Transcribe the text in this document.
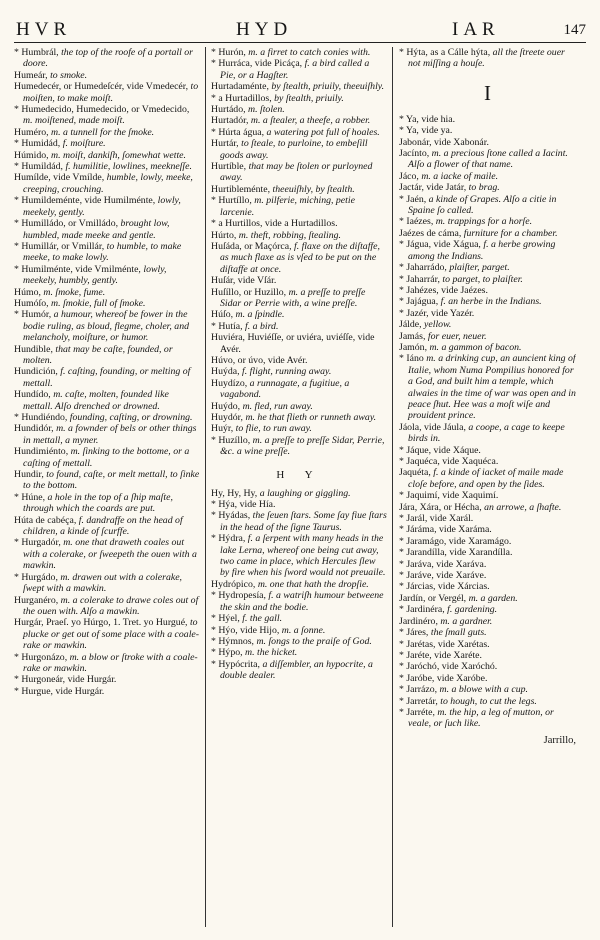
HVR	HYD	IAR	147
* Humbrál, the top of the roofe of a portall or doore.
Humeár, to smoke.
Humedecér, or Humedeſcér, vide Vmedecér, to moiſten, to make moiſt.
* Humedecido, Humedecido, or Vmedecido, m. moiſtened, made moiſt.
Huméro, m. a tunnell for the ſmoke.
* Humidád, f. moiſture.
Húmido, m. moiſt, dankiſh, ſomewhat wette.
* Humildád, f. humilitie, lowlines, meekneſſe.
Humílde, vide Vmílde, humble, lowly, meeke, creeping, crouching.
* Humildeménte, vide Humilménte, lowly, meekely, gently.
* Humilládo, or Vmilládo, brought low, humbled, made meeke and gentle.
* Humillár, or Vmillár, to humble, to make meeke, to make lowly.
* Humilménte, vide Vmilménte, lowly, meekely, humbly, gently.
Húmo, m. ſmoke, fume.
Humóſo, m. ſmokie, full of ſmoke.
* Humór, a humour, whereof be fower in the bodie ruling, as bloud, flegme, choler, and melancholy, moiſture, or humor.
Hundible, that may be caſte, founded, or molten.
Hundición, f. caſting, founding, or melting of mettall.
Hundído, m. caſte, molten, founded like mettall. Alſo drenched or drowned.
* Hundiéndo, founding, caſting, or drowning.
Hundidór, m. a fownder of bels or other things in mettall, a myner.
Hundimiénto, m. ſinking to the bottome, or a caſting of mettall.
Hundir, to found, caſte, or melt mettall, to ſinke to the bottom.
* Húne, a hole in the top of a ſhip maſte, through which the coards are put.
Húta de cabéça, f. dandraffe on the head of children, a kinde of ſcurffe.
* Hurgadór, m. one that draweth coales out with a colerake, or ſweepeth the ouen with a mawkin.
* Hurgádo, m. drawen out with a colerake, ſwept with a mawkin.
Hurganéro, m. a colerake to drawe coles out of the ouen with. Alſo a mawkin.
Hurgár, Praeſ. yo Húrgo, 1. Tret. yo Hurgué, to plucke or get out of some place with a coale-rake or mawkin.
* Hurgonázo, m. a blow or ſtroke with a coale-rake or mawkin.
* Hurgoneár, vide Hurgár.
* Hurgue, vide Hurgár.
* Hurón, m. a firret to catch conies with.
* Hurráca, vide Picáça, f. a bird called a Pie, or a Hagſter.
Hurtadaménte, by ſtealth, priuily, theeuiſhly.
* a Hurtadillos, by ſtealth, priuily.
Hurtádo, m. ſtolen.
Hurtadór, m. a ſtealer, a theefe, a robber.
* Húrta água, a watering pot full of hoales.
Hurtár, to ſteale, to purloine, to embeſill goods away.
Hurtíble, that may be ſtolen or purloyned away.
Hurtibleménte, theeuiſhly, by ſtealth.
* Hurtíllo, m. pilferie, miching, petie larcenie.
* a Hurtillos, vide a Hurtadillos.
Húrto, m. theft, robbing, ſtealing.
Huſáda, or Maçórca, f. flaxe on the diſtaffe, as much flaxe as is vſed to be put on the diſtaffe at once.
Huſár, vide Vſár.
Huſíllo, or Huzillo, m. a preſſe to preſſe Sidar or Perrie with, a wine preſſe.
Húſo, m. a ſpindle.
* Hutía, f. a bird.
Huviéra, Huviéſſe, or uviéra, uviéſſe, vide Avér.
Húvo, or úvo, vide Avér.
Huýda, f. flight, running away.
Huydízo, a runnagate, a fugitiue, a vagabond.
Huýdo, m. fled, run away.
Huydór, m. he that flieth or runneth away.
Huýr, to flie, to run away.
* Huzíllo, m. a preſſe to preſſe Sidar, Perrie, &c. a wine preſſe.
H Y
Hy, Hy, Hy, a laughing or giggling.
* Hýa, vide Hía.
* Hyádas, the ſeuen ſtars. Some ſay fiue ſtars in the head of the ſigne Taurus.
* Hýdra, f. a ſerpent with many heads in the lake Lerna, whereof one being cut away, two came in place, which Hercules ſlew by fire when his ſword would not preuaile.
Hydrópico, m. one that hath the dropſie.
* Hydropesía, f. a watriſh humour betweene the skin and the bodie.
* Hýel, f. the gall.
* Hýo, vide Hijo, m. a ſonne.
* Hýmnos, m. ſongs to the praiſe of God.
* Hýpo, m. the hicket.
* Hypócrita, a diſſembler, an hypocrite, a double dealer.
* Hýta, as a Cálle hýta, all the ſtreete ouer not miſſing a houſe.
I
* Ya, vide hia.
* Ya, vide ya.
Jabonár, vide Xabonár.
Jacínto, m. a precious ſtone called a Iacint. Alſo a flower of that name.
Jáco, m. a iacke of maile.
Jactár, vide Jatár, to brag.
* Jaén, a kinde of Grapes. Alſo a citie in Spaine ſo called.
* Iaézes, m. trappings for a horſe.
Jaézes de cáma, furniture for a chamber.
* Jágua, vide Xágua, f. a herbe growing among the Indians.
* Jaharrádo, plaiſter, parget.
* Jaharrár, to parget, to plaiſter.
* Jahézes, vide Jaézes.
* Jajágua, f. an herbe in the Indians.
* Jazér, vide Yazér.
Jálde, yellow.
Jamás, for euer, neuer.
Jamón, m. a gammon of bacon.
* Iáno m. a drinking cup, an auncient king of Italie, whom Numa Pompilius honored for a God, and built him a temple, which alwaies in the time of war was open and in peace ſhut. Hee was a moſt wiſe and prouident prince.
Jáola, vide Jáula, a coope, a cage to keepe birds in.
* Jáque, vide Xáque.
* Jaquéca, vide Xaquéca.
Jaquéta, f. a kinde of iacket of maile made cloſe before, and open by the ſides.
* Jaquimí, vide Xaquimí.
Jára, Xára, or Hécha, an arrowe, a ſhafte.
* Jarál, vide Xarál.
* Járáma, vide Xaráma.
* Jaramágo, vide Xaramágo.
* Jarandílla, vide Xarandílla.
* Jaráva, vide Xaráva.
* Jaráve, vide Xaráve.
* Járcias, vide Xárcias.
Jardín, or Vergél, m. a garden.
* Jardinéra, f. gardening.
Jardinéro, m. a gardner.
* Járes, the ſmall guts.
* Jarétas, vide Xarétas.
* Jaréte, vide Xaréte.
* Jaróchó, vide Xaróchó.
* Jaróbe, vide Xaróbe.
* Jarrázo, m. a blowe with a cup.
* Jarretár, to hough, to cut the legs.
* Jarréte, m. the hip, a leg of mutton, or veale, or ſuch like.
Jarrillo,
